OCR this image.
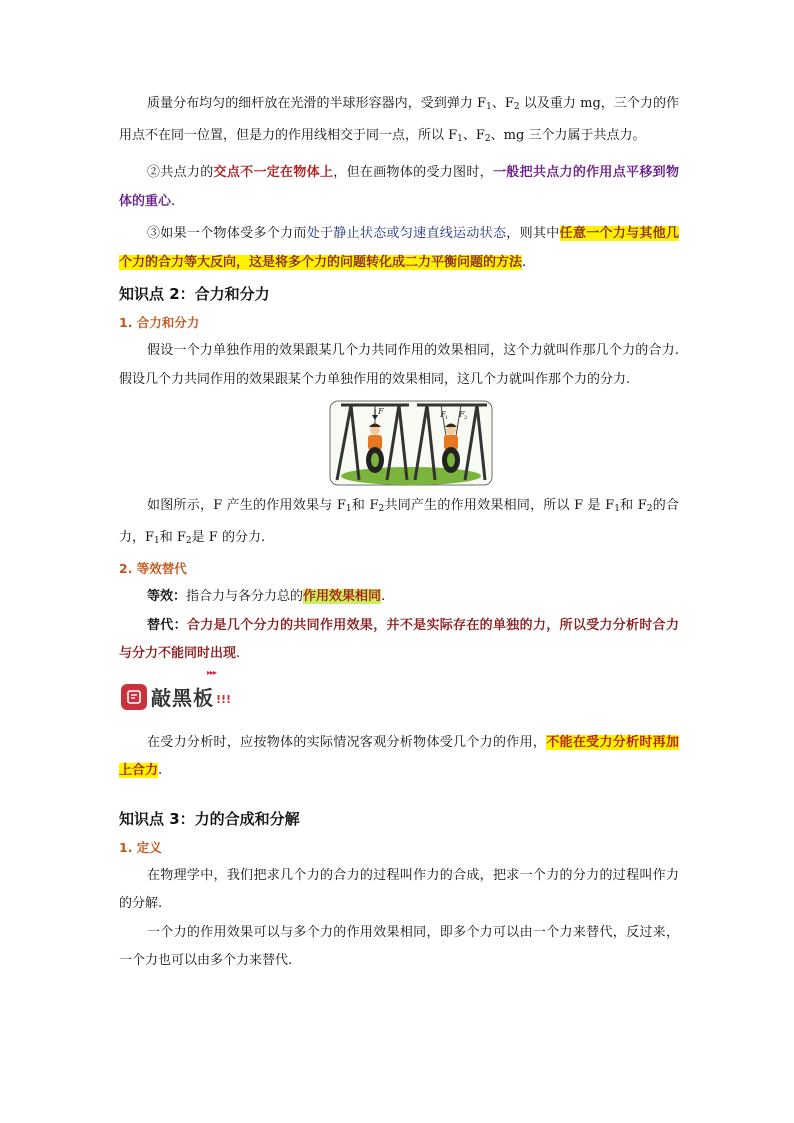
质量分布均匀的细杆放在光滑的半球形容器内，受到弹力 $F_1$、$F_2$ 以及重力 mg，三个力的作用点不在同一位置，但是力的作用线相交于同一点，所以 $F_1$、$F_2$、mg 三个力属于共点力。

②共点力的交点不一定在物体上，但在画物体的受力图时，一般把共点力的作用点平移到物体的重心.

③如果一个物体受多个力而处于静止状态或匀速直线运动状态，则其中任意一个力与其他几个力的合力等大反向，这是将多个力的问题转化成二力平衡问题的方法.

知识点 2：合力和分力

1. 合力和分力

假设一个力单独作用的效果跟某几个力共同作用的效果相同，这个力就叫作那几个力的合力. 假设几个力共同作用的效果跟某个力单独作用的效果相同，这几个力就叫作那个力的分力.

F	F 1 F 2

如图所示，F 产生的作用效果与 $F_1$和 $F_2$共同产生的作用效果相同，所以 F 是 $F_1$和 $F_2$的合力，$F_1$和 $F_2$是 F 的分力.

2. 等效替代

等效：指合力与各分力总的作用效果相同.

替代：合力是几个分力的共同作用效果，并不是实际存在的单独的力，所以受力分析时合力与分力不能同时出现.

敲黑板
▸▸▸
!!!

在受力分析时，应按物体的实际情况客观分析物体受几个力的作用，不能在受力分析时再加上合力.

知识点 3：力的合成和分解

1. 定义

在物理学中，我们把求几个力的合力的过程叫作力的合成，把求一个力的分力的过程叫作力的分解.

一个力的作用效果可以与多个力的作用效果相同，即多个力可以由一个力来替代，反过来，一个力也可以由多个力来替代.
